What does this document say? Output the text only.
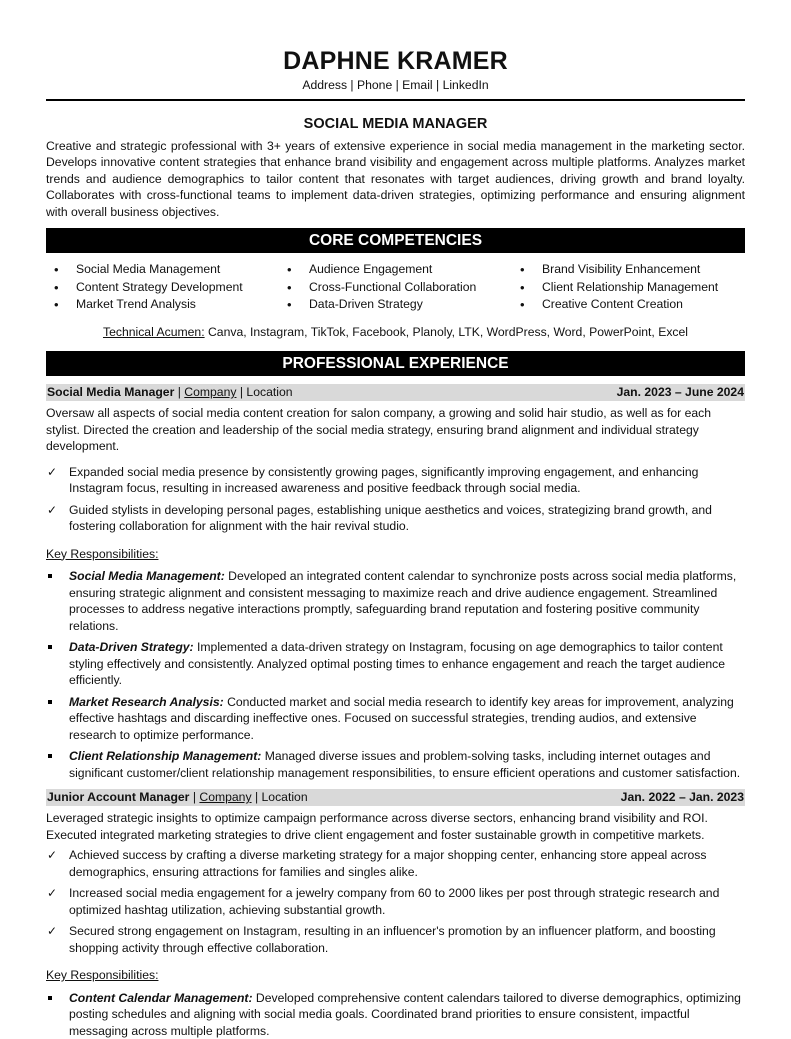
DAPHNE KRAMER
Address | Phone | Email | LinkedIn
SOCIAL MEDIA MANAGER
Creative and strategic professional with 3+ years of extensive experience in social media management in the marketing sector. Develops innovative content strategies that enhance brand visibility and engagement across multiple platforms. Analyzes market trends and audience demographics to tailor content that resonates with target audiences, driving growth and brand loyalty. Collaborates with cross-functional teams to implement data-driven strategies, optimizing performance and ensuring alignment with overall business objectives.
CORE COMPETENCIES
• Social Media Management
• Content Strategy Development
• Market Trend Analysis
• Audience Engagement
• Cross-Functional Collaboration
• Data-Driven Strategy
• Brand Visibility Enhancement
• Client Relationship Management
• Creative Content Creation
Technical Acumen: Canva, Instagram, TikTok, Facebook, Planoly, LTK, WordPress, Word, PowerPoint, Excel
PROFESSIONAL EXPERIENCE
Social Media Manager | Company | Location	Jan. 2023 – June 2024
Oversaw all aspects of social media content creation for salon company, a growing and solid hair studio, as well as for each stylist. Directed the creation and leadership of the social media strategy, ensuring brand alignment and individual strategy development.
✓ Expanded social media presence by consistently growing pages, significantly improving engagement, and enhancing Instagram focus, resulting in increased awareness and positive feedback through social media.
✓ Guided stylists in developing personal pages, establishing unique aesthetics and voices, strategizing brand growth, and fostering collaboration for alignment with the hair revival studio.
Key Responsibilities:
Social Media Management: Developed an integrated content calendar to synchronize posts across social media platforms, ensuring strategic alignment and consistent messaging to maximize reach and drive audience engagement. Streamlined processes to address negative interactions promptly, safeguarding brand reputation and fostering positive community relations.
Data-Driven Strategy: Implemented a data-driven strategy on Instagram, focusing on age demographics to tailor content styling effectively and consistently. Analyzed optimal posting times to enhance engagement and reach the target audience efficiently.
Market Research Analysis: Conducted market and social media research to identify key areas for improvement, analyzing effective hashtags and discarding ineffective ones. Focused on successful strategies, trending audios, and extensive research to optimize performance.
Client Relationship Management: Managed diverse issues and problem-solving tasks, including internet outages and significant customer/client relationship management responsibilities, to ensure efficient operations and customer satisfaction.
Junior Account Manager | Company | Location	Jan. 2022 – Jan. 2023
Leveraged strategic insights to optimize campaign performance across diverse sectors, enhancing brand visibility and ROI. Executed integrated marketing strategies to drive client engagement and foster sustainable growth in competitive markets.
✓ Achieved success by crafting a diverse marketing strategy for a major shopping center, enhancing store appeal across demographics, ensuring attractions for families and singles alike.
✓ Increased social media engagement for a jewelry company from 60 to 2000 likes per post through strategic research and optimized hashtag utilization, achieving substantial growth.
✓ Secured strong engagement on Instagram, resulting in an influencer's promotion by an influencer platform, and boosting shopping activity through effective collaboration.
Key Responsibilities:
Content Calendar Management: Developed comprehensive content calendars tailored to diverse demographics, optimizing posting schedules and aligning with social media goals. Coordinated brand priorities to ensure consistent, impactful messaging across multiple platforms.
